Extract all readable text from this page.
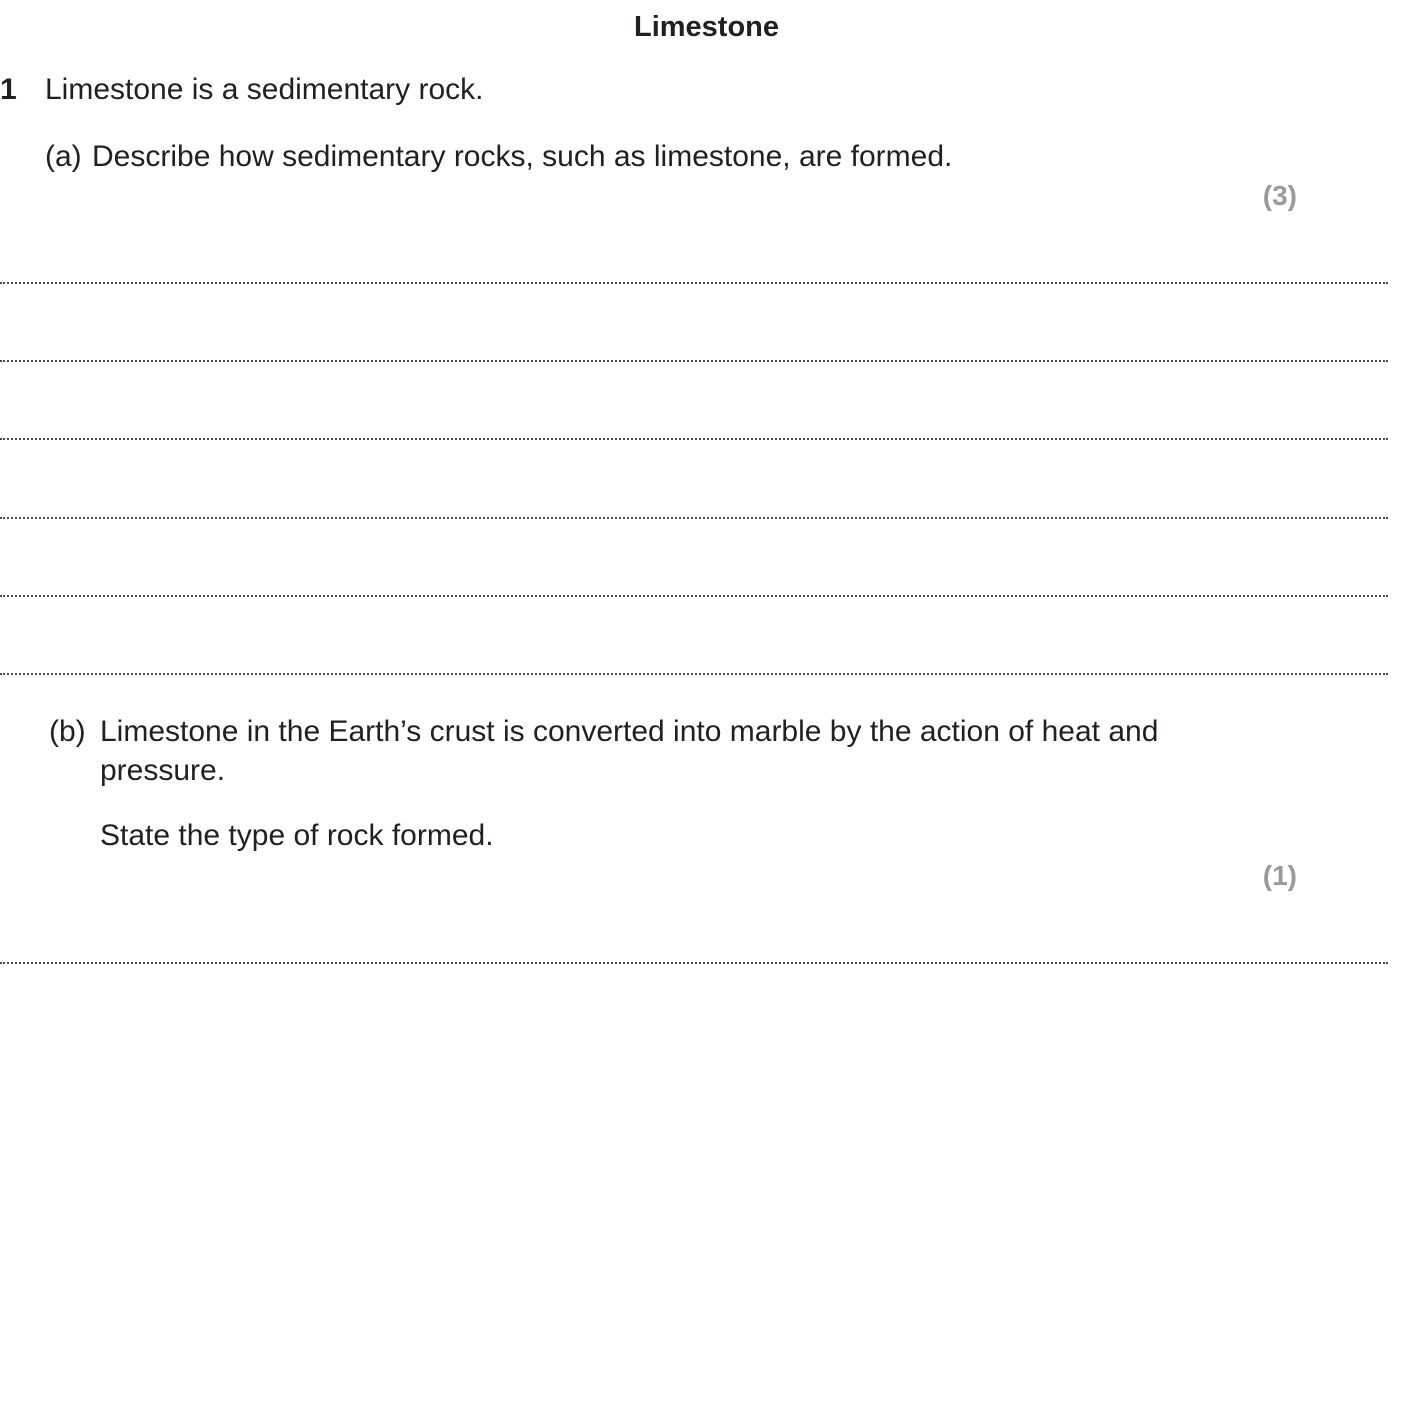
Limestone
1 Limestone is a sedimentary rock.
(a) Describe how sedimentary rocks, such as limestone, are formed.
(3)
(b) Limestone in the Earth’s crust is converted into marble by the action of heat and
pressure.
State the type of rock formed.
(1)
